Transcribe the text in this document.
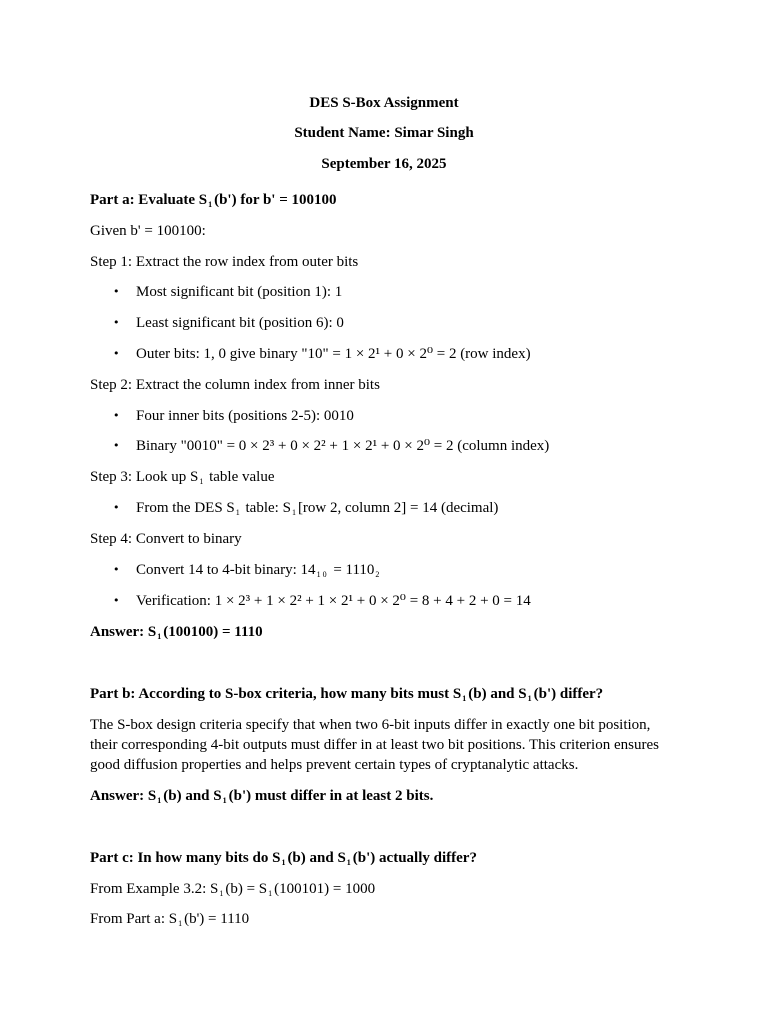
DES S-Box Assignment
Student Name: Simar Singh
September 16, 2025
Part a: Evaluate $S_1$ (b') for b' = 100100
Given b' = 100100:
Step 1: Extract the row index from outer bits
• Most significant bit (position 1): 1
• Least significant bit (position 6): 0
• Outer bits: 1, 0 give binary "10" = 1 × 2¹ + 0 × 2⁰ = 2 (row index)
Step 2: Extract the column index from inner bits
• Four inner bits (positions 2-5): 0010
• Binary "0010" = 0 × 2³ + 0 × 2² + 1 × 2¹ + 0 × 2⁰ = 2 (column index)
Step 3: Look up $S_1$ table value
• From the DES $S_1$ table: $S_1$ [row 2, column 2] = 14 (decimal)
Step 4: Convert to binary
• Convert 14 to 4-bit binary: $14_{10} = 1110_2$
• Verification: 1 × 2³ + 1 × 2² + 1 × 2¹ + 0 × 2⁰ = 8 + 4 + 2 + 0 = 14
Answer: $S_1$ (100100) = 1110
Part b: According to S-box criteria, how many bits must $S_1$ (b) and $S_1$ (b') differ?
The S-box design criteria specify that when two 6-bit inputs differ in exactly one bit position, their corresponding 4-bit outputs must differ in at least two bit positions. This criterion ensures good diffusion properties and helps prevent certain types of cryptanalytic attacks.
Answer: $S_1$ (b) and $S_1$ (b') must differ in at least 2 bits.
Part c: In how many bits do $S_1$ (b) and $S_1$ (b') actually differ?
From Example 3.2: $S_1$ $(b) = S_1$ (100101) = 1000
From Part a: $S_1$ (b') = 1110
